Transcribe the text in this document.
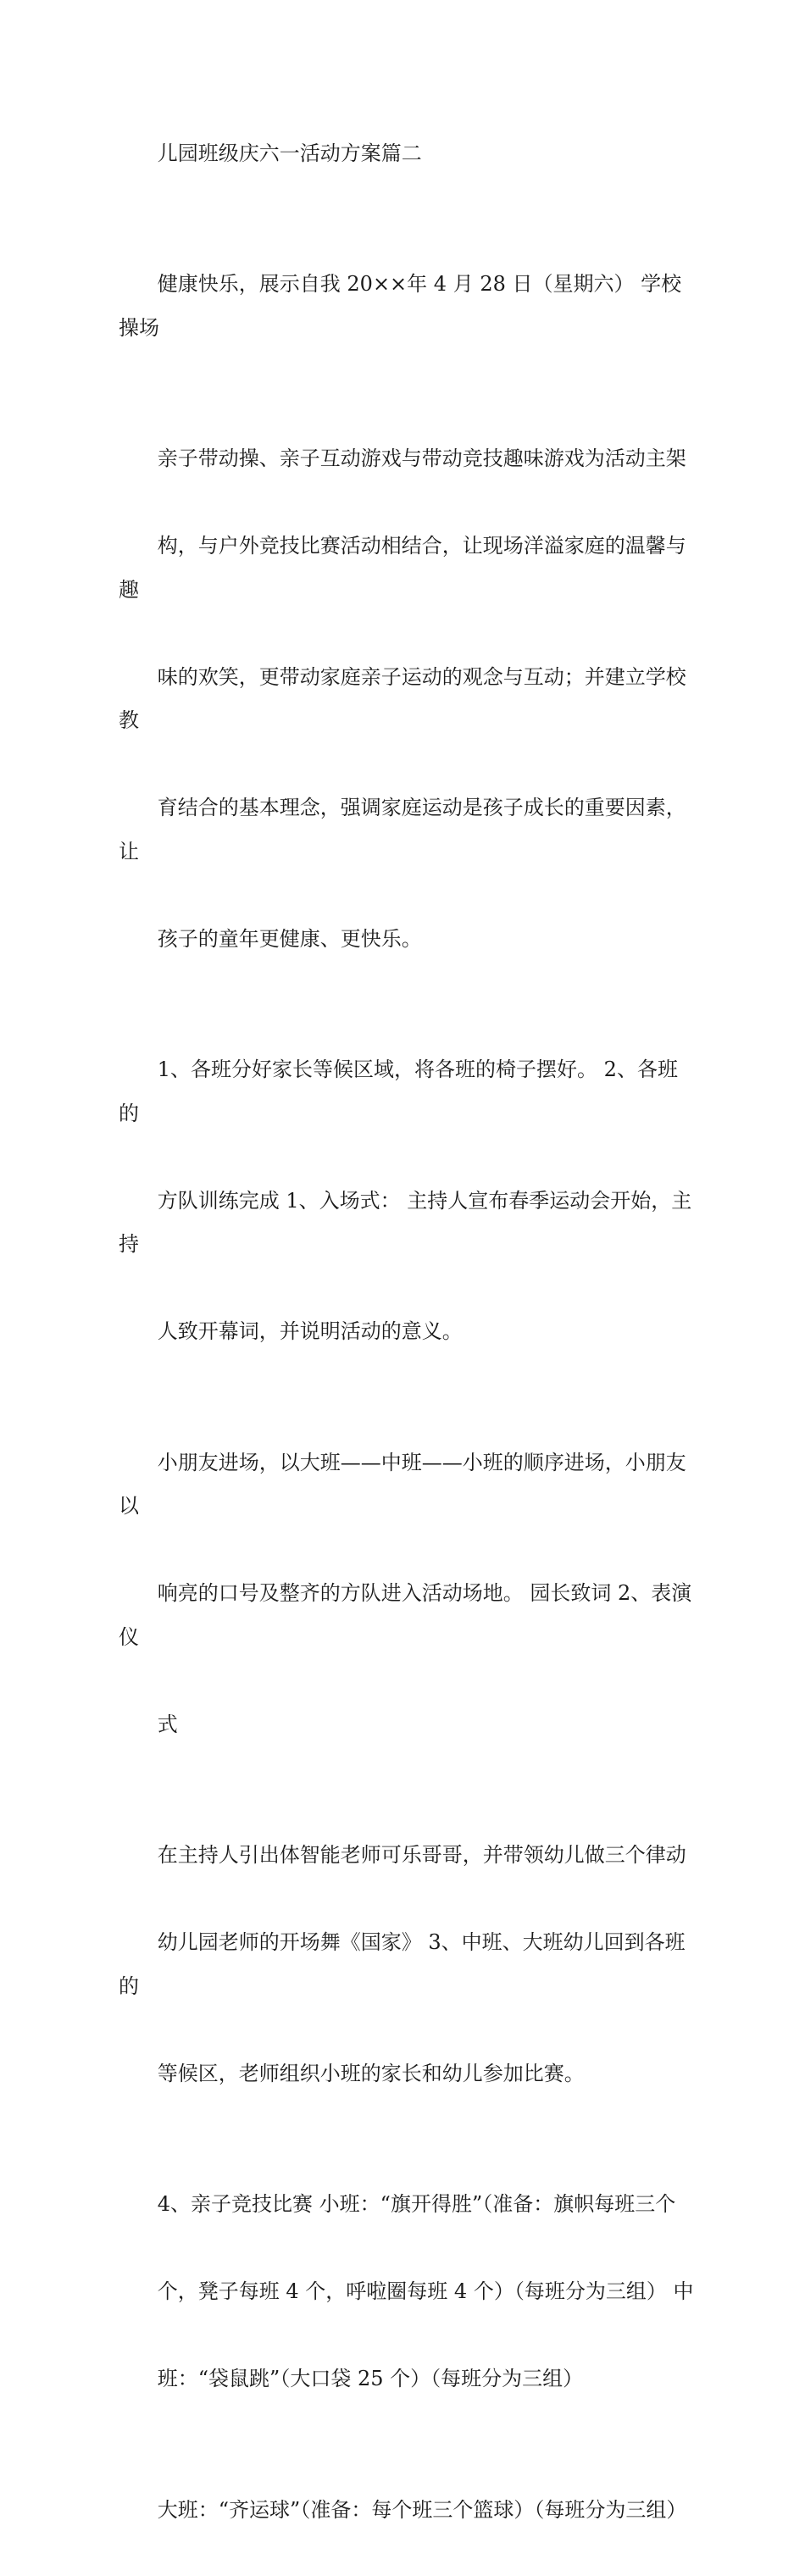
儿园班级庆六一活动方案篇二

健康快乐，展示自我 20××年 4 月 28 日（星期六） 学校操场

亲子带动操、亲子互动游戏与带动竞技趣味游戏为活动主架

构，与户外竞技比赛活动相结合，让现场洋溢家庭的温馨与趣

味的欢笑，更带动家庭亲子运动的观念与互动；并建立学校教

育结合的基本理念，强调家庭运动是孩子成长的重要因素，让

孩子的童年更健康、更快乐。

1、各班分好家长等候区域，将各班的椅子摆好。 2、各班的

方队训练完成 1、入场式： 主持人宣布春季运动会开始，主持

人致开幕词，并说明活动的意义。

小朋友进场，以大班——中班——小班的顺序进场，小朋友以

响亮的口号及整齐的方队进入活动场地。 园长致词 2、表演仪

式

在主持人引出体智能老师可乐哥哥，并带领幼儿做三个律动

幼儿园老师的开场舞《国家》 3、中班、大班幼儿回到各班的

等候区，老师组织小班的家长和幼儿参加比赛。

4、亲子竞技比赛 小班：“旗开得胜”（准备：旗帜每班三个

个，凳子每班 4 个，呼啦圈每班 4 个）（每班分为三组） 中

班：“袋鼠跳”（大口袋 25 个）（每班分为三组）

大班：“齐运球”（准备：每个班三个篮球）（每班分为三组）
